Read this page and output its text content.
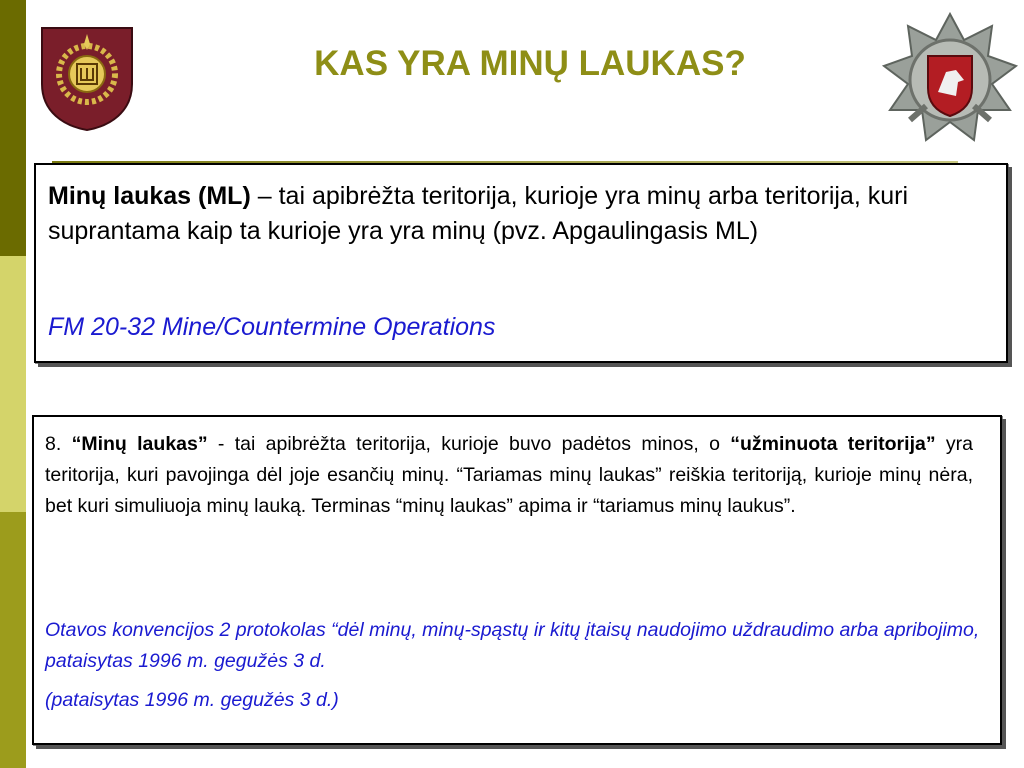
KAS YRA MINŲ LAUKAS?
Minų laukas (ML) – tai apibrėžta teritorija, kurioje yra minų arba teritorija, kuri suprantama kaip ta kurioje yra yra minų (pvz. Apgaulingasis ML)
FM 20-32 Mine/Countermine Operations
8. “Minų laukas” - tai apibrėžta teritorija, kurioje buvo padėtos minos, o “užminuota teritorija” yra teritorija, kuri pavojinga dėl joje esančių minų. “Tariamas minų laukas” reiškia teritoriją, kurioje minų nėra, bet kuri simuliuoja minų lauką. Terminas “minų laukas” apima ir “tariamus minų laukus”.
Otavos konvencijos 2 protokolas “dėl minų, minų-spąstų ir kitų įtaisų naudojimo uždraudimo arba apribojimo, pataisytas 1996 m. gegužės 3 d.
(pataisytas 1996 m. gegužės 3 d.)
